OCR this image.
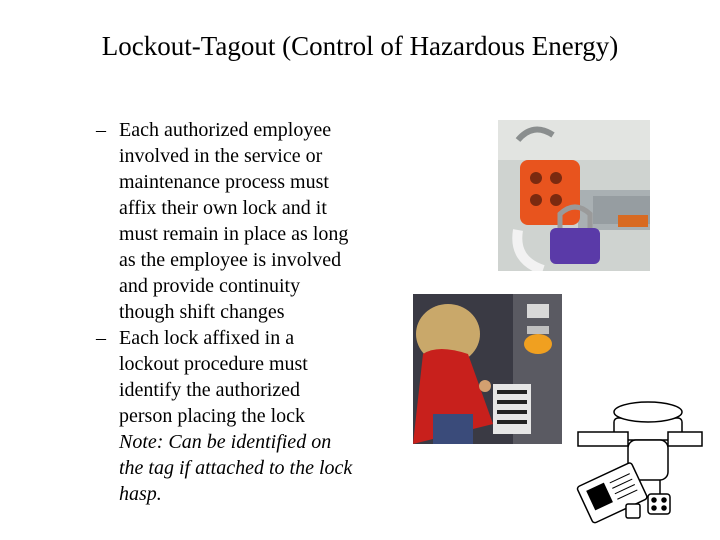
Lockout-Tagout (Control of Hazardous Energy)
– Each authorized employee
involved in the service or
maintenance process must
affix their own lock and it
must remain in place as long
as the employee is involved
and provide continuity
though shift changes
– Each lock affixed in a
lockout procedure must
identify the authorized
person placing the lock
Note: Can be identified on
the tag if attached to the lock
hasp.
